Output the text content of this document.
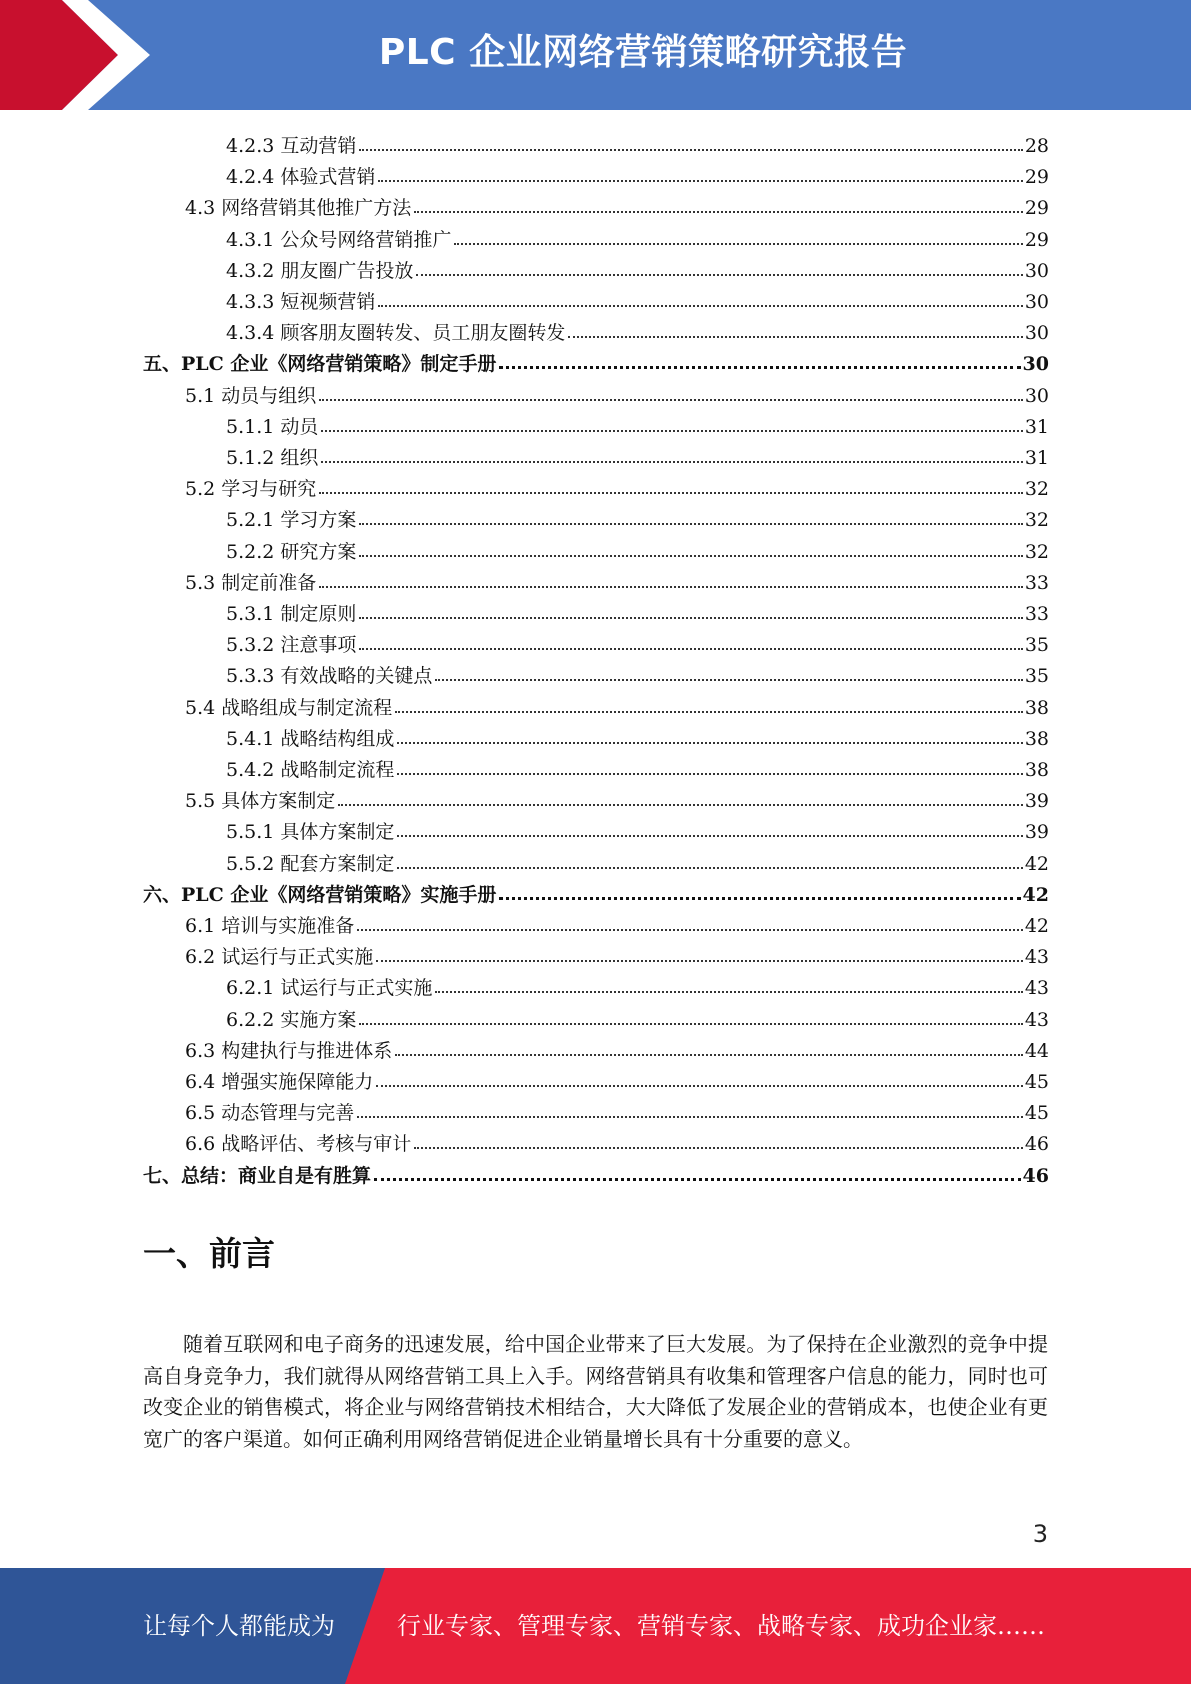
PLC 企业网络营销策略研究报告
4.2.3 互动营销	28
4.2.4 体验式营销	29
4.3 网络营销其他推广方法	29
4.3.1 公众号网络营销推广	29
4.3.2 朋友圈广告投放	30
4.3.3 短视频营销	30
4.3.4 顾客朋友圈转发、员工朋友圈转发	30
五、PLC 企业《网络营销策略》制定手册	30
5.1 动员与组织	30
5.1.1 动员	31
5.1.2 组织	31
5.2 学习与研究	32
5.2.1 学习方案	32
5.2.2 研究方案	32
5.3 制定前准备	33
5.3.1 制定原则	33
5.3.2 注意事项	35
5.3.3 有效战略的关键点	35
5.4 战略组成与制定流程	38
5.4.1 战略结构组成	38
5.4.2 战略制定流程	38
5.5 具体方案制定	39
5.5.1 具体方案制定	39
5.5.2 配套方案制定	42
六、PLC 企业《网络营销策略》实施手册	42
6.1 培训与实施准备	42
6.2 试运行与正式实施	43
6.2.1 试运行与正式实施	43
6.2.2 实施方案	43
6.3 构建执行与推进体系	44
6.4 增强实施保障能力	45
6.5 动态管理与完善	45
6.6 战略评估、考核与审计	46
七、总结：商业自是有胜算	46
一、前言
随着互联网和电子商务的迅速发展，给中国企业带来了巨大发展。为了保持在企业激烈的竞争中提高自身竞争力，我们就得从网络营销工具上入手。网络营销具有收集和管理客户信息的能力，同时也可改变企业的销售模式，将企业与网络营销技术相结合，大大降低了发展企业的营销成本，也使企业有更宽广的客户渠道。如何正确利用网络营销促进企业销量增长具有十分重要的意义。
3
让每个人都能成为	行业专家、管理专家、营销专家、战略专家、成功企业家……
